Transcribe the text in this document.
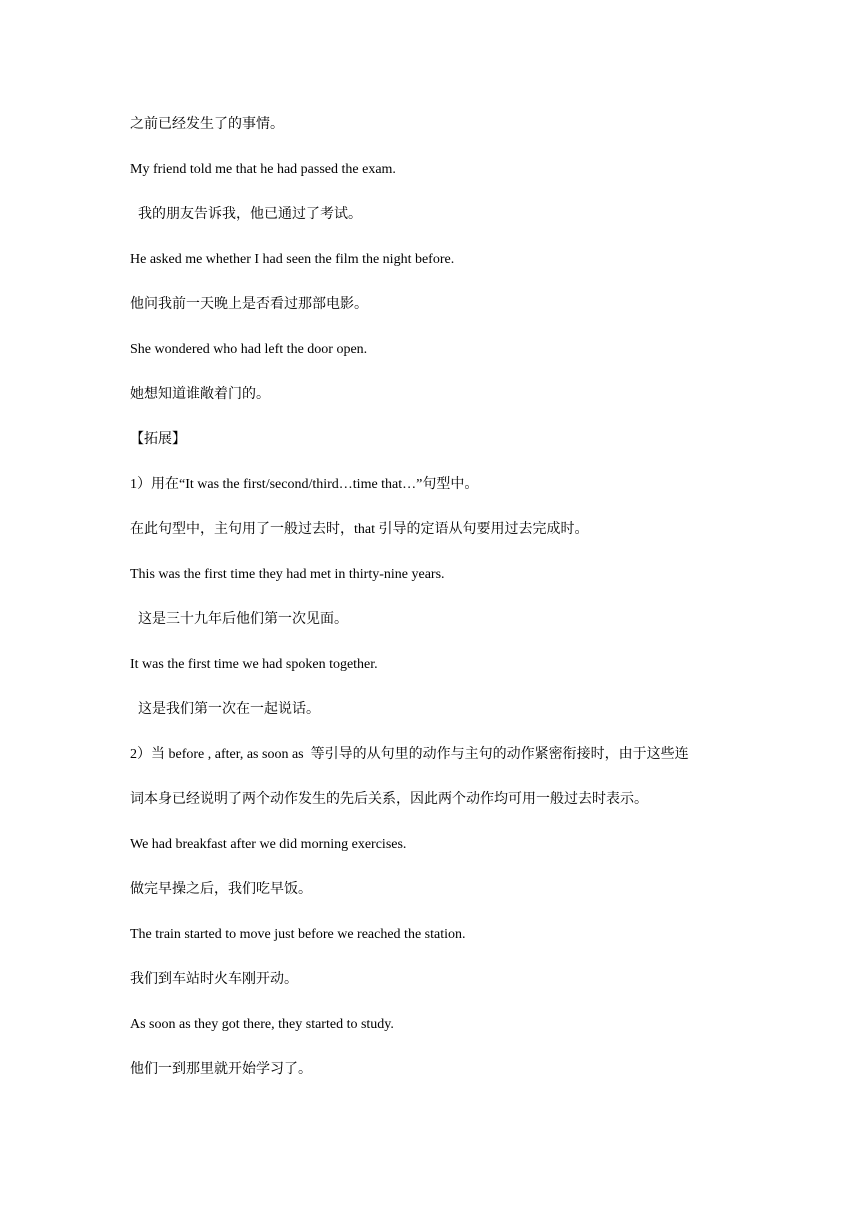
之前已经发生了的事情。
My friend told me that he had passed the exam.
我的朋友告诉我，他已通过了考试。
He asked me whether I had seen the film the night before.
他问我前一天晚上是否看过那部电影。
She wondered who had left the door open.
她想知道谁敞着门的。
【拓展】
1）用在“It was the first/second/third…time that…”句型中。
在此句型中，主句用了一般过去时，that 引导的定语从句要用过去完成时。
This was the first time they had met in thirty-nine years.
这是三十九年后他们第一次见面。
It was the first time we had spoken together.
这是我们第一次在一起说话。
2）当 before , after, as soon as  等引导的从句里的动作与主句的动作紧密衔接时，由于这些连
词本身已经说明了两个动作发生的先后关系，因此两个动作均可用一般过去时表示。
We had breakfast after we did morning exercises.
做完早操之后，我们吃早饭。
The train started to move just before we reached the station.
我们到车站时火车刚开动。
As soon as they got there, they started to study.
他们一到那里就开始学习了。
